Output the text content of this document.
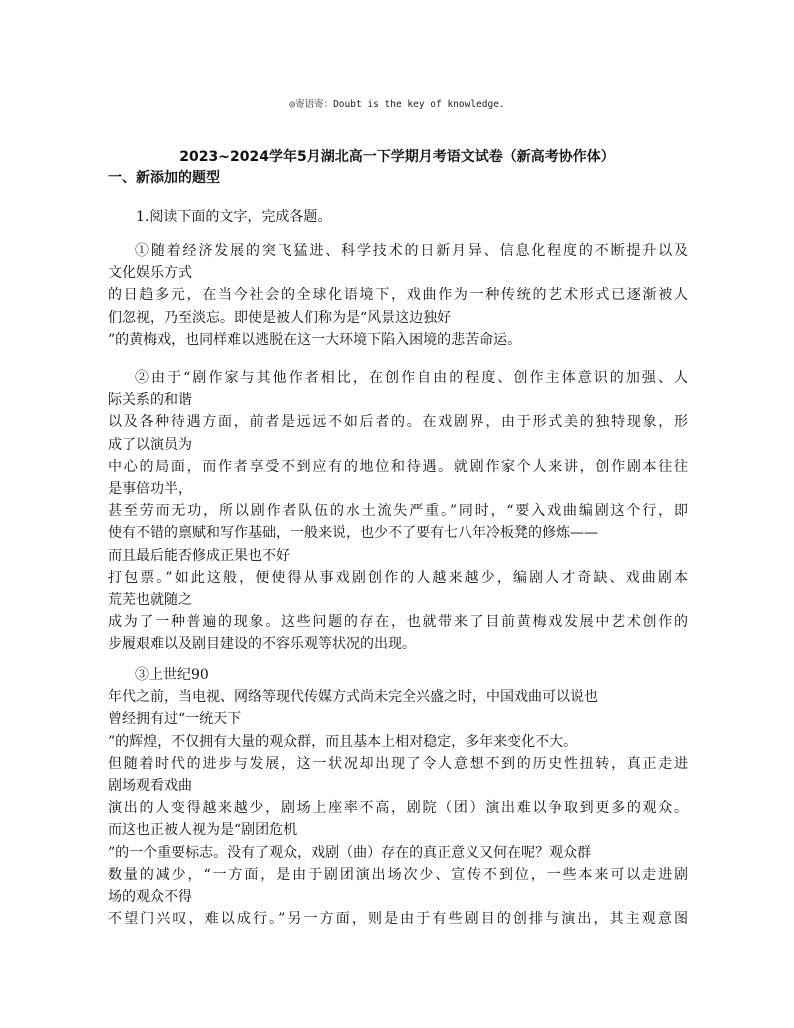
◎寄语寄：Doubt is the key of knowledge.
2023~2024学年5月湖北高一下学期月考语文试卷（新高考协作体）
一、新添加的题型
1.阅读下面的文字，完成各题。
①随着经济发展的突飞猛进、科学技术的日新月异、信息化程度的不断提升以及
文化娱乐方式
的日趋多元，在当今社会的全球化语境下，戏曲作为一种传统的艺术形式已逐渐被人
们忽视，乃至淡忘。即使是被人们称为是“风景这边独好
”的黄梅戏，也同样难以逃脱在这一大环境下陷入困境的悲苦命运。
②由于“剧作家与其他作者相比，在创作自由的程度、创作主体意识的加强、人
际关系的和谐
以及各种待遇方面，前者是远远不如后者的。在戏剧界，由于形式美的独特现象，形
成了以演员为
中心的局面，而作者享受不到应有的地位和待遇。就剧作家个人来讲，创作剧本往往
是事倍功半，
甚至劳而无功，所以剧作者队伍的水土流失严重。”同时，“要入戏曲编剧这个行，即
使有不错的禀赋和写作基础，一般来说，也少不了要有七八年冷板凳的修炼——
而且最后能否修成正果也不好
打包票。”如此这般，便使得从事戏剧创作的人越来越少，编剧人才奇缺、戏曲剧本
荒芜也就随之
成为了一种普遍的现象。这些问题的存在，也就带来了目前黄梅戏发展中艺术创作的
步履艰难以及剧目建设的不容乐观等状况的出现。
③上世纪90
年代之前，当电视、网络等现代传媒方式尚未完全兴盛之时，中国戏曲可以说也
曾经拥有过“一统天下
”的辉煌，不仅拥有大量的观众群，而且基本上相对稳定，多年来变化不大。
但随着时代的进步与发展，这一状况却出现了令人意想不到的历史性扭转，真正走进
剧场观看戏曲
演出的人变得越来越少，剧场上座率不高，剧院（团）演出难以争取到更多的观众。
而这也正被人视为是“剧团危机
”的一个重要标志。没有了观众，戏剧（曲）存在的真正意义又何在呢？观众群
数量的减少，“一方面，是由于剧团演出场次少、宣传不到位，一些本来可以走进剧
场的观众不得
不望门兴叹，难以成行。”另一方面，则是由于有些剧目的创排与演出，其主观意图
